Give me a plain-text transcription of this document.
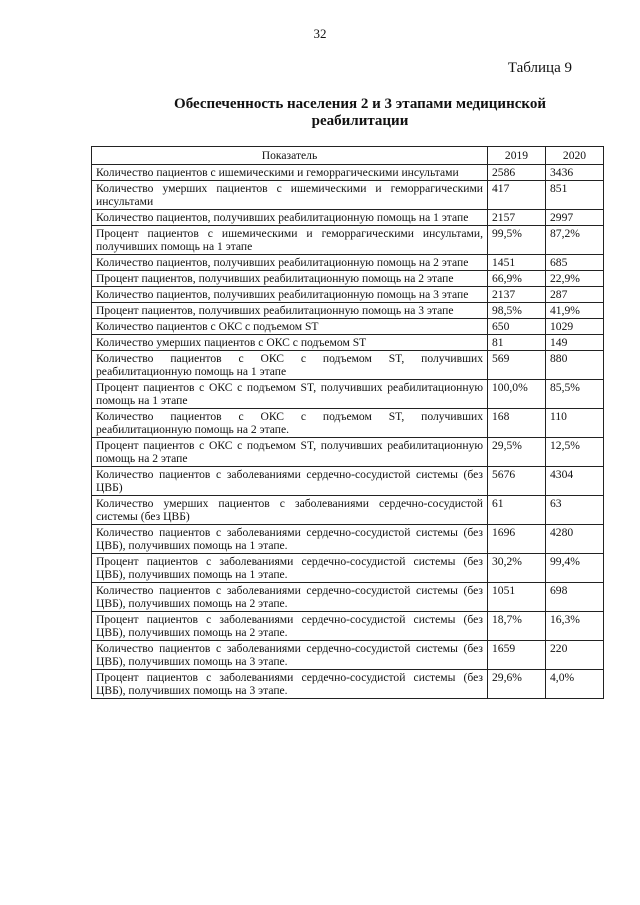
32
Таблица 9
Обеспеченность населения 2 и 3 этапами медицинской
реабилитации
Показатель	2019	2020
Количество пациентов с ишемическими и геморрагическими инсультами	2586	3436
Количество умерших пациентов с ишемическими и геморрагическими инсультами	417	851
Количество пациентов, получивших реабилитационную помощь на 1 этапе	2157	2997
Процент пациентов с ишемическими и геморрагическими инсультами, получивших помощь на 1 этапе	99,5%	87,2%
Количество пациентов, получивших реабилитационную помощь на 2 этапе	1451	685
Процент пациентов, получивших реабилитационную помощь на 2 этапе	66,9%	22,9%
Количество пациентов, получивших реабилитационную помощь на 3 этапе	2137	287
Процент пациентов, получивших реабилитационную помощь на 3 этапе	98,5%	41,9%
Количество пациентов с ОКС с подъемом ST	650	1029
Количество умерших пациентов с ОКС с подъемом ST	81	149
Количество пациентов с ОКС с подъемом ST, получивших реабилитационную помощь на 1 этапе	569	880
Процент пациентов с ОКС с подъемом ST, получивших реабилитационную помощь на 1 этапе	100,0%	85,5%
Количество пациентов с ОКС с подъемом ST, получивших реабилитационную помощь на 2 этапе.	168	110
Процент пациентов с ОКС с подъемом ST, получивших реабилитационную помощь на 2 этапе	29,5%	12,5%
Количество пациентов с заболеваниями сердечно-сосудистой системы (без ЦВБ)	5676	4304
Количество умерших пациентов с заболеваниями сердечно-сосудистой системы (без ЦВБ)	61	63
Количество пациентов с заболеваниями сердечно-сосудистой системы (без ЦВБ), получивших помощь на 1 этапе.	1696	4280
Процент пациентов с заболеваниями сердечно-сосудистой системы (без ЦВБ), получивших помощь на 1 этапе.	30,2%	99,4%
Количество пациентов с заболеваниями сердечно-сосудистой системы (без ЦВБ), получивших помощь на 2 этапе.	1051	698
Процент пациентов с заболеваниями сердечно-сосудистой системы (без ЦВБ), получивших помощь на 2 этапе.	18,7%	16,3%
Количество пациентов с заболеваниями сердечно-сосудистой системы (без ЦВБ), получивших помощь на 3 этапе.	1659	220
Процент пациентов с заболеваниями сердечно-сосудистой системы (без ЦВБ), получивших помощь на 3 этапе.	29,6%	4,0%
